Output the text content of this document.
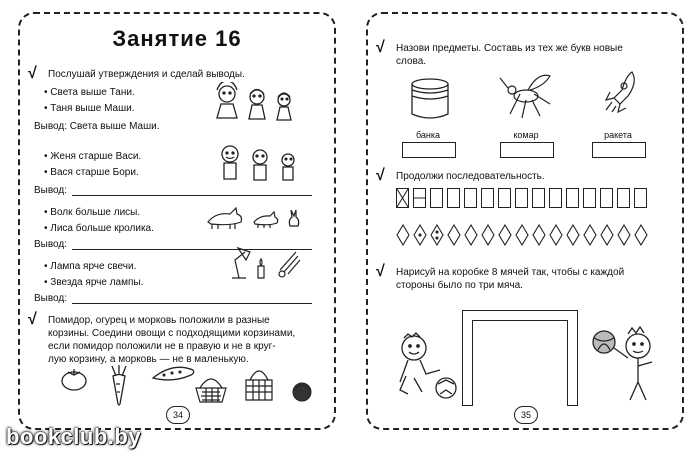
Занятие 16
√ Послушай утверждения и сделай выводы.
• Света выше Тани.
• Таня выше Маши.
Вывод: Света выше Маши.
• Женя старше Васи.
• Вася старше Бори.
Вывод:
• Волк больше лисы.
• Лиса больше кролика.
Вывод:
• Лампа ярче свечи.
• Звезда ярче лампы.
Вывод:
√ Помидор, огурец и морковь положили в разные
корзины. Соедини овощи с подходящими корзинами,
если помидор положили не в правую и не в круг-
лую корзину, а морковь — не в маленькую.
34
√ Назови предметы. Составь из тех же букв новые
слова.
банка	комар	ракета
√ Продолжи последовательность.
√ Нарисуй на коробке 8 мячей так, чтобы с каждой
стороны было по три мяча.
35
bookclub.by
